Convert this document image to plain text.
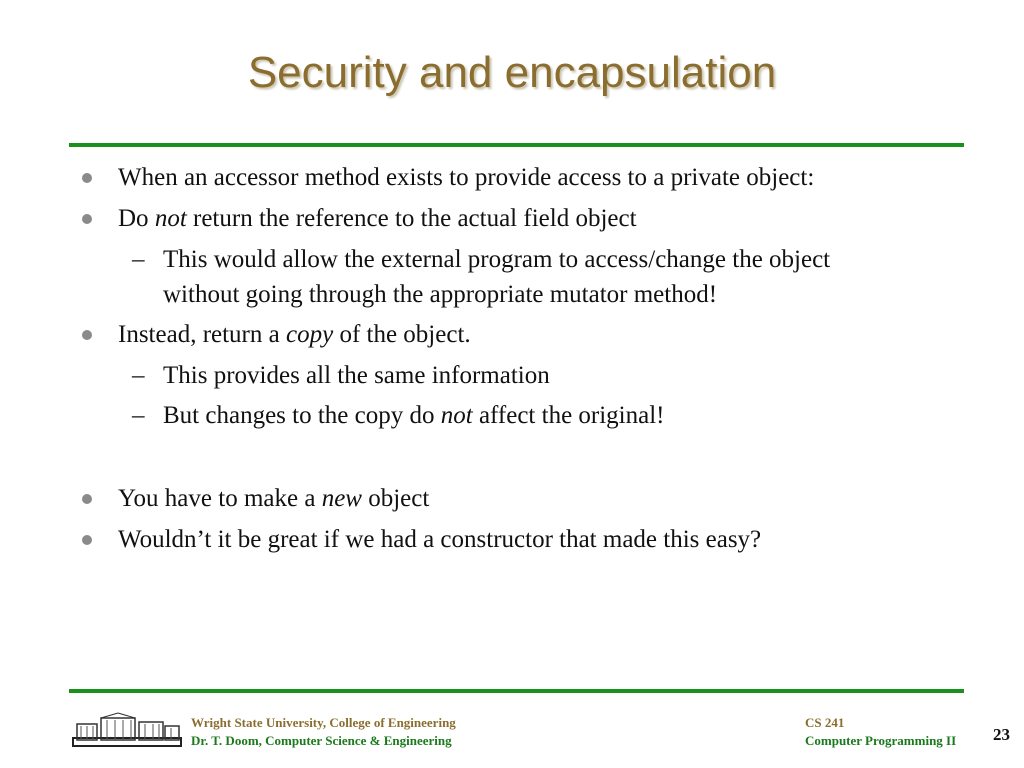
Security and encapsulation
When an accessor method exists to provide access to a private object:
Do not return the reference to the actual field object
– This would allow the external program to access/change the object
without going through the appropriate mutator method!
Instead, return a copy of the object.
– This provides all the same information
– But changes to the copy do not affect the original!
You have to make a new object
Wouldn’t it be great if we had a constructor that made this easy?
Wright State University, College of Engineering
Dr. T. Doom, Computer Science & Engineering
CS 241
Computer Programming II 23
